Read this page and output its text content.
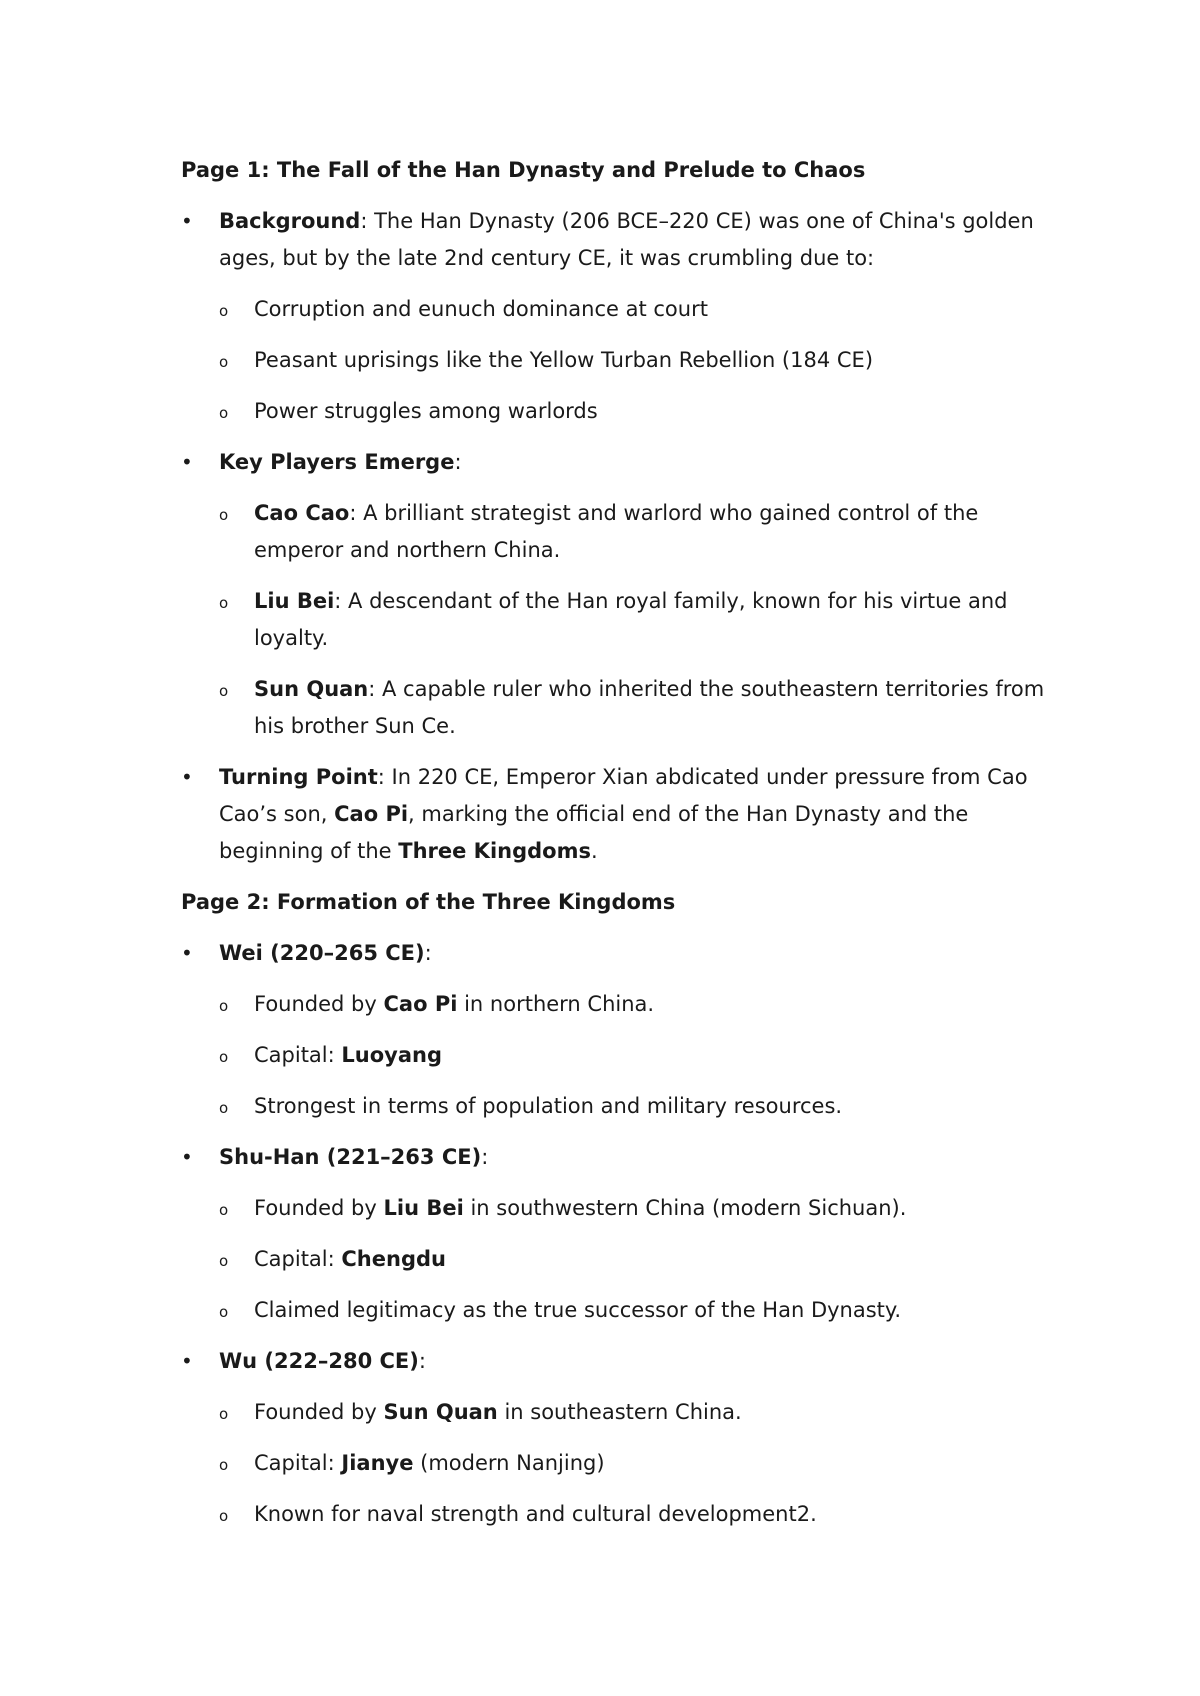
Page 1: The Fall of the Han Dynasty and Prelude to Chaos
• Background: The Han Dynasty (206 BCE–220 CE) was one of China's golden ages, but by the late 2nd century CE, it was crumbling due to:
o Corruption and eunuch dominance at court
o Peasant uprisings like the Yellow Turban Rebellion (184 CE)
o Power struggles among warlords
• Key Players Emerge:
o Cao Cao: A brilliant strategist and warlord who gained control of the emperor and northern China.
o Liu Bei: A descendant of the Han royal family, known for his virtue and loyalty.
o Sun Quan: A capable ruler who inherited the southeastern territories from his brother Sun Ce.
• Turning Point: In 220 CE, Emperor Xian abdicated under pressure from Cao Cao’s son, Cao Pi, marking the official end of the Han Dynasty and the beginning of the Three Kingdoms.
Page 2: Formation of the Three Kingdoms
• Wei (220–265 CE):
o Founded by Cao Pi in northern China.
o Capital: Luoyang
o Strongest in terms of population and military resources.
• Shu-Han (221–263 CE):
o Founded by Liu Bei in southwestern China (modern Sichuan).
o Capital: Chengdu
o Claimed legitimacy as the true successor of the Han Dynasty.
• Wu (222–280 CE):
o Founded by Sun Quan in southeastern China.
o Capital: Jianye (modern Nanjing)
o Known for naval strength and cultural development2.
